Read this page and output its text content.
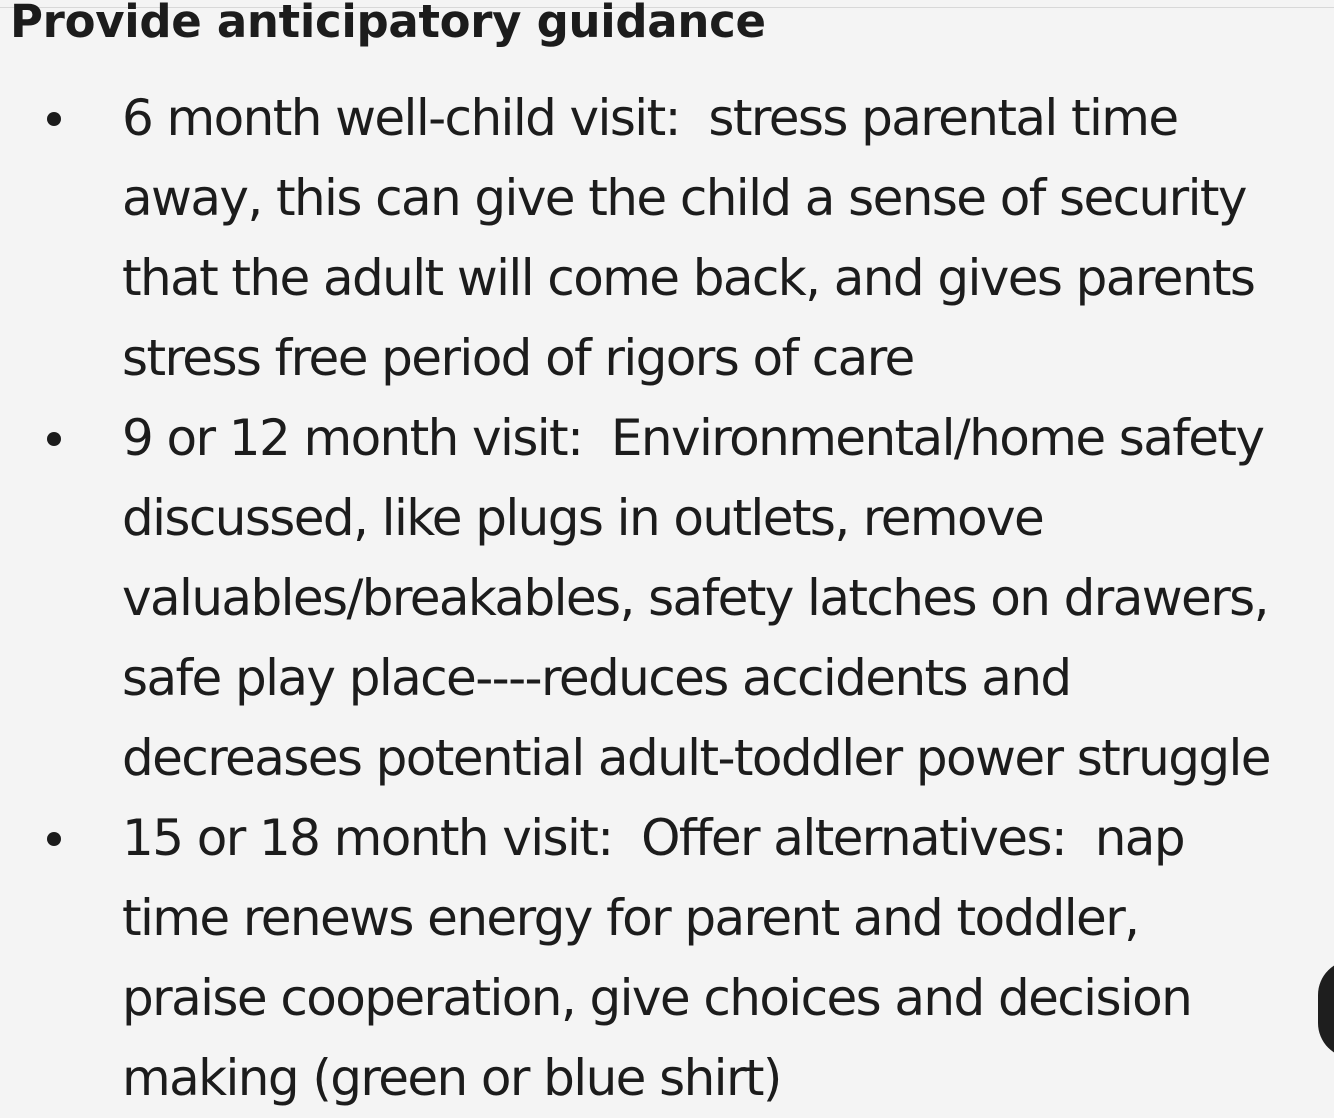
Provide anticipatory guidance
6 month well-child visit:  stress parental time
away, this can give the child a sense of security
that the adult will come back, and gives parents
stress free period of rigors of care
9 or 12 month visit:  Environmental/home safety
discussed, like plugs in outlets, remove
valuables/breakables, safety latches on drawers,
safe play place----reduces accidents and
decreases potential adult-toddler power struggle
15 or 18 month visit:  Offer alternatives:  nap
time renews energy for parent and toddler,
praise cooperation, give choices and decision
making (green or blue shirt)
